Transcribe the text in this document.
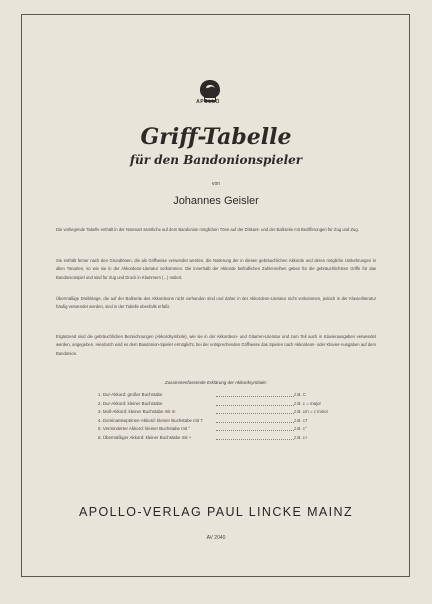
APOLLO
Griff-Tabelle
für den Bandonionspieler
von
Johannes Geisler
Die vorliegende Tabelle enthält in der Notenart sämtliche auf dem Bandonion möglichen Töne auf der Diskant- und der Baßseite mit Bezifferungen für Zug und Zug.
Sie enthält ferner nach den Grundtönen, die als Griffweise verwendet werden, die Notierung der in diesen gebräuchlichen Akkorde und deren mögliche Umkehrungen in allen Tonarten, so wie sie in der Akkordeon-Literatur vorkommen. Die innerhalb der Akkorde befindlichen Zahlenreihen geben für die gebräuchlichsten Griffe für das Bandonionspiel und sind für Zug und Druck in Klammern (...) notiert.
Übermäßige Dreiklänge, die auf der Baßseite des Akkordeons nicht vorhanden sind und daher in der Akkordeon-Literatur nicht vorkommen, jedoch in der Klavierliteratur häufig verwendet werden, sind in der Tabelle ebenfalls erfaßt.
Ergänzend sind die gebräuchlichen Bezeichnungen (Akkordsymbole), wie sie in der Akkordeon- und Gitarren-Literatur und zum Teil auch in Klavierausgaben verwendet werden, angegeben. Hierdurch wird es dem Bandonion-Spieler ermöglicht, bei der entsprechenden Griffweise das Spielen nach Akkordeon- oder Klavier-Ausgaben auf dem Bandonion.
Zusammenfassende Erklärung der Akkordsymbole:
1. Dur-Akkord: großer Buchstabe	z.B. C
2. Dur-Akkord: kleiner Buchstabe	z.B. c = major
3. Moll-Akkord: kleiner Buchstabe mit m	z.B. cm = c minor
4. Dominantseptimen-Akkord: kleiner Buchstabe mit 7	z.B. c7
5. Verminderter Akkord: kleiner Buchstabe mit °	z.B. c°
6. Übermäßiger Akkord: kleiner Buchstabe mit +	z.B. c+
APOLLO-VERLAG PAUL LINCKE MAINZ
AV 2040
